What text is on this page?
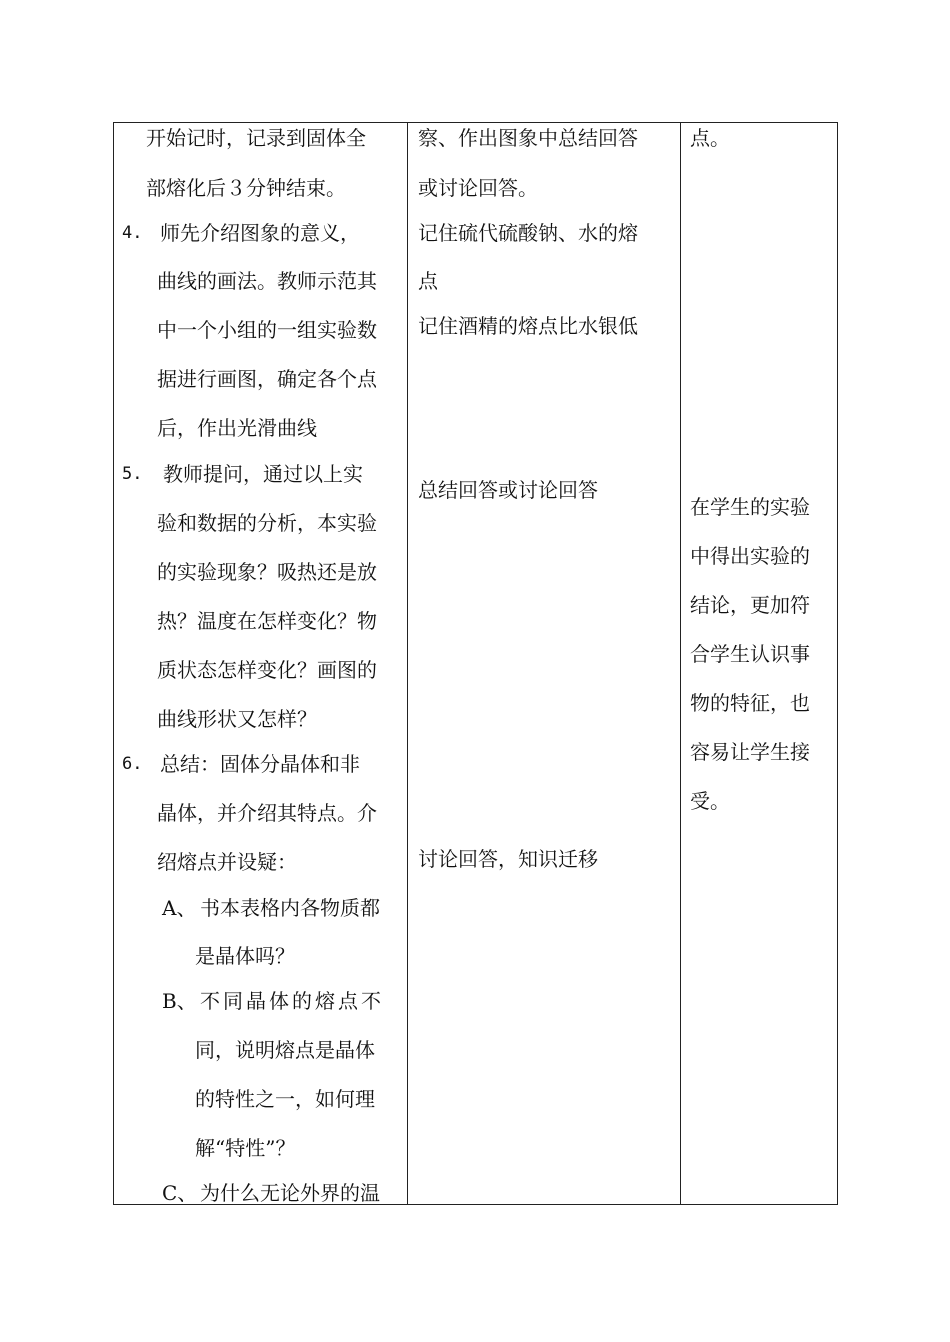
开始记时，记录到固体全
部熔化后３分钟结束。
4. 师先介绍图象的意义，
曲线的画法。教师示范其
中一个小组的一组实验数
据进行画图，确定各个点
后，作出光滑曲线
5. 教师提问，通过以上实
验和数据的分析，本实验
的实验现象？吸热还是放
热？温度在怎样变化？物
质状态怎样变化？画图的
曲线形状又怎样？
6. 总结：固体分晶体和非
晶体，并介绍其特点。介
绍熔点并设疑：
A、 书本表格内各物质都
是晶体吗？
B、 不同晶体的熔点不
同，说明熔点是晶体
的特性之一，如何理
解“特性”？
C、 为什么无论外界的温
察、作出图象中总结回答
或讨论回答。
记住硫代硫酸钠、水的熔
点
记住酒精的熔点比水银低
总结回答或讨论回答
讨论回答，知识迁移
点。
在学生的实验
中得出实验的
结论，更加符
合学生认识事
物的特征，也
容易让学生接
受。
